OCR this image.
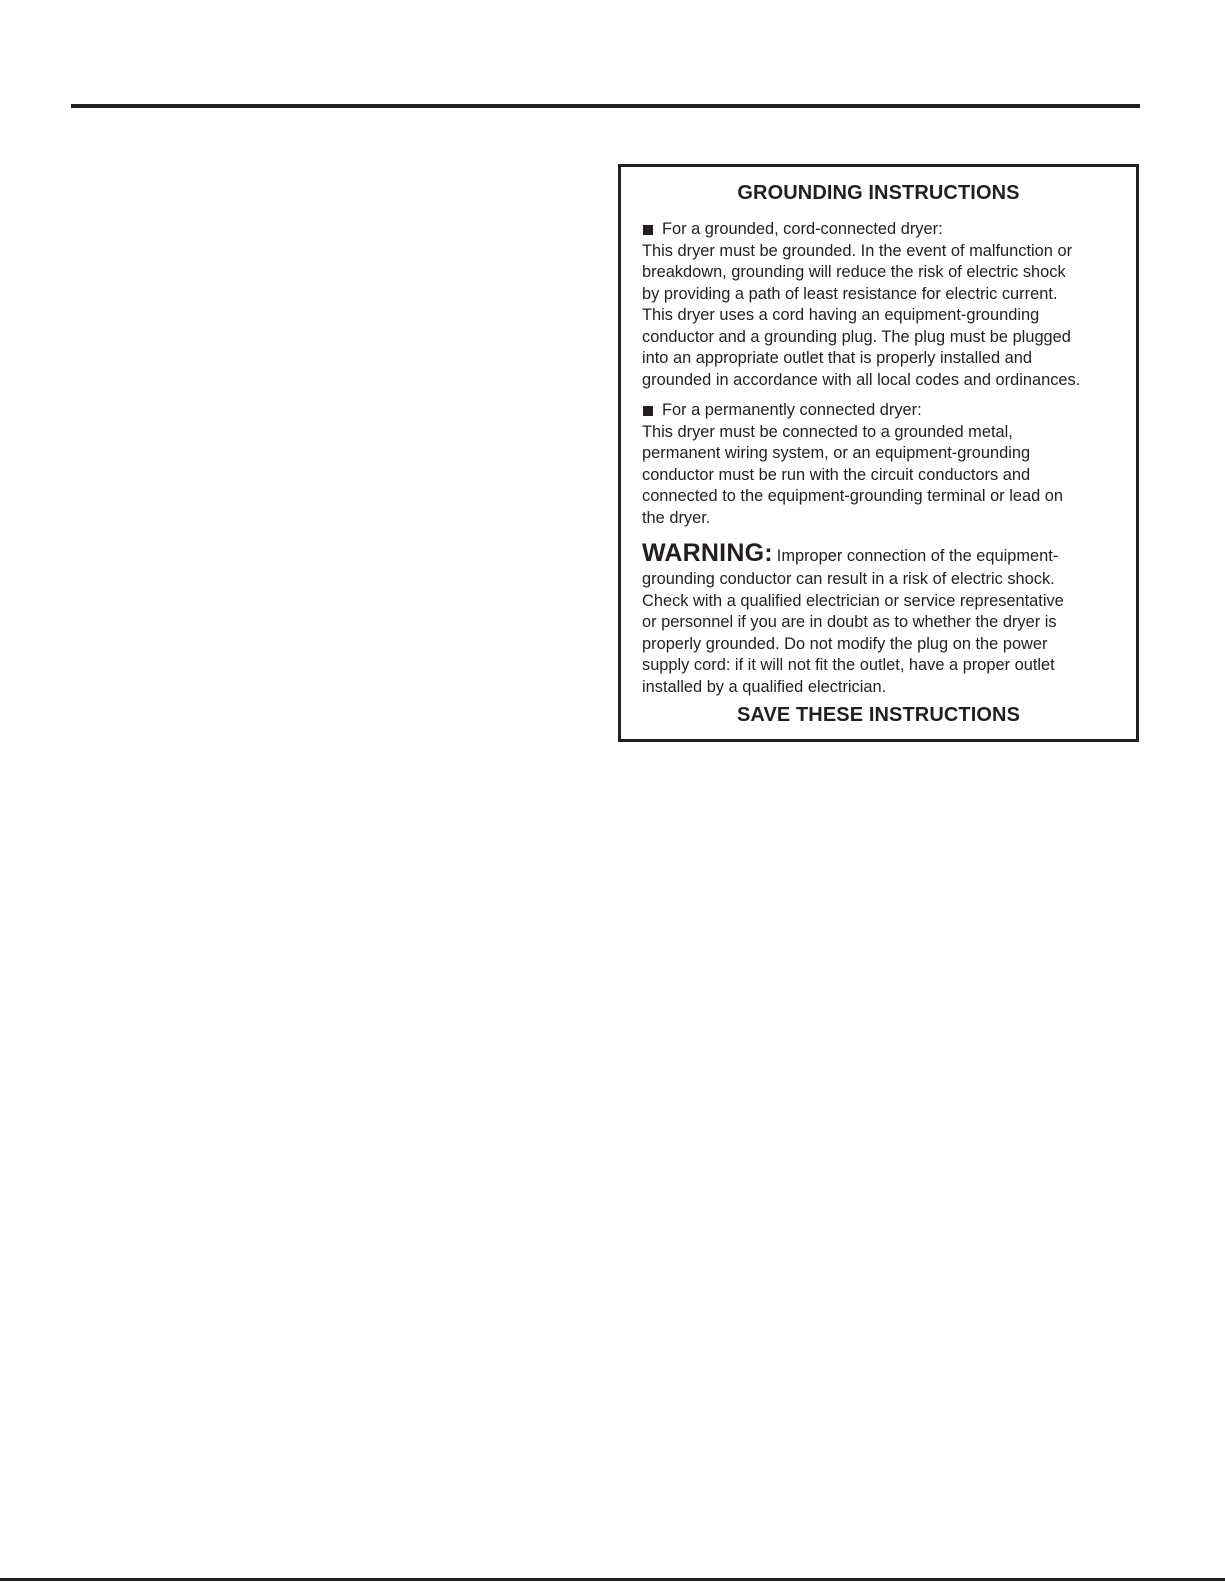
GROUNDING INSTRUCTIONS
For a grounded, cord-connected dryer:
This dryer must be grounded. In the event of malfunction or
breakdown, grounding will reduce the risk of electric shock
by providing a path of least resistance for electric current.
This dryer uses a cord having an equipment-grounding
conductor and a grounding plug. The plug must be plugged
into an appropriate outlet that is properly installed and
grounded in accordance with all local codes and ordinances.
For a permanently connected dryer:
This dryer must be connected to a grounded metal,
permanent wiring system, or an equipment-grounding
conductor must be run with the circuit conductors and
connected to the equipment-grounding terminal or lead on
the dryer.
WARNING: Improper connection of the equipment-
grounding conductor can result in a risk of electric shock.
Check with a qualified electrician or service representative
or personnel if you are in doubt as to whether the dryer is
properly grounded. Do not modify the plug on the power
supply cord: if it will not fit the outlet, have a proper outlet
installed by a qualified electrician.
SAVE THESE INSTRUCTIONS
